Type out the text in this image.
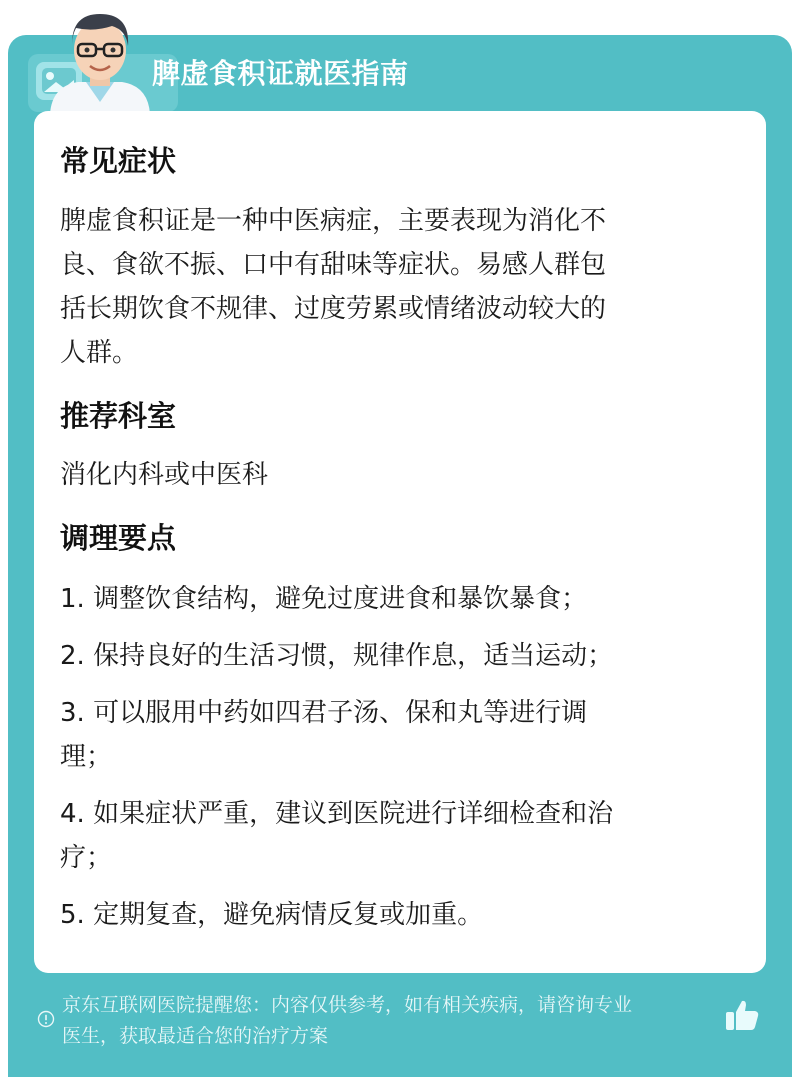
脾虚食积证就医指南
常见症状
脾虚食积证是一种中医病症，主要表现为消化不
良、食欲不振、口中有甜味等症状。易感人群包
括长期饮食不规律、过度劳累或情绪波动较大的
人群。
推荐科室
消化内科或中医科
调理要点
1. 调整饮食结构，避免过度进食和暴饮暴食；
2. 保持良好的生活习惯，规律作息，适当运动；
3. 可以服用中药如四君子汤、保和丸等进行调
理；
4. 如果症状严重，建议到医院进行详细检查和治
疗；
5. 定期复查，避免病情反复或加重。
京东互联网医院提醒您：内容仅供参考，如有相关疾病，请咨询专业
医生，获取最适合您的治疗方案
